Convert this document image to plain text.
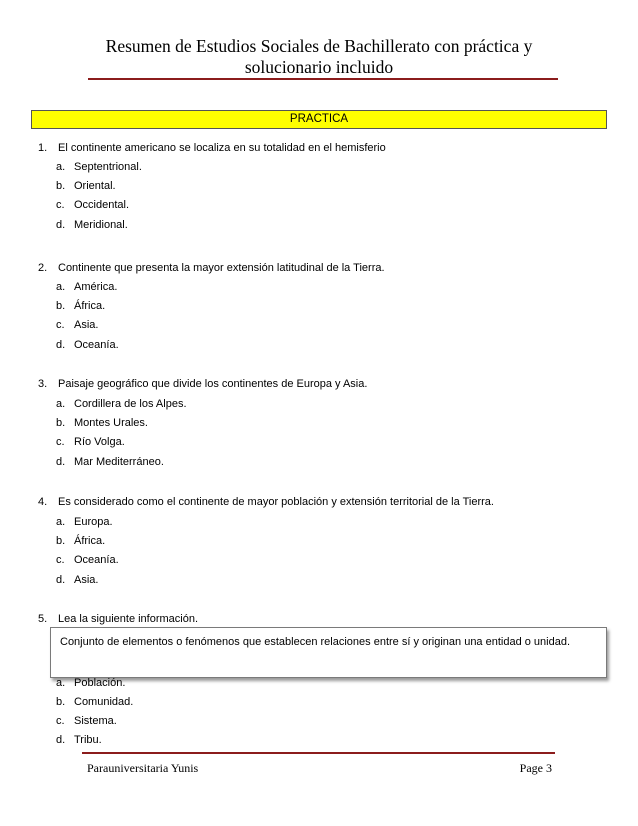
Resumen de Estudios Sociales de Bachillerato con práctica y
solucionario incluido
PRACTICA
1. El continente americano se localiza en su totalidad en el hemisferio
a. Septentrional.
b. Oriental.
c. Occidental.
d. Meridional.
2. Continente que presenta la mayor extensión latitudinal de la Tierra.
a. América.
b. África.
c. Asia.
d. Oceanía.
3. Paisaje geográfico que divide los continentes de Europa y Asia.
a. Cordillera de los Alpes.
b. Montes Urales.
c. Río Volga.
d. Mar Mediterráneo.
4. Es considerado como el continente de mayor población y extensión territorial de la Tierra.
a. Europa.
b. África.
c. Oceanía.
d. Asia.
5. Lea la siguiente información.
Conjunto de elementos o fenómenos que establecen relaciones entre sí y originan una entidad o unidad.
a. Población.
b. Comunidad.
c. Sistema.
d. Tribu.
Parauniversitaria Yunis	Page 3
